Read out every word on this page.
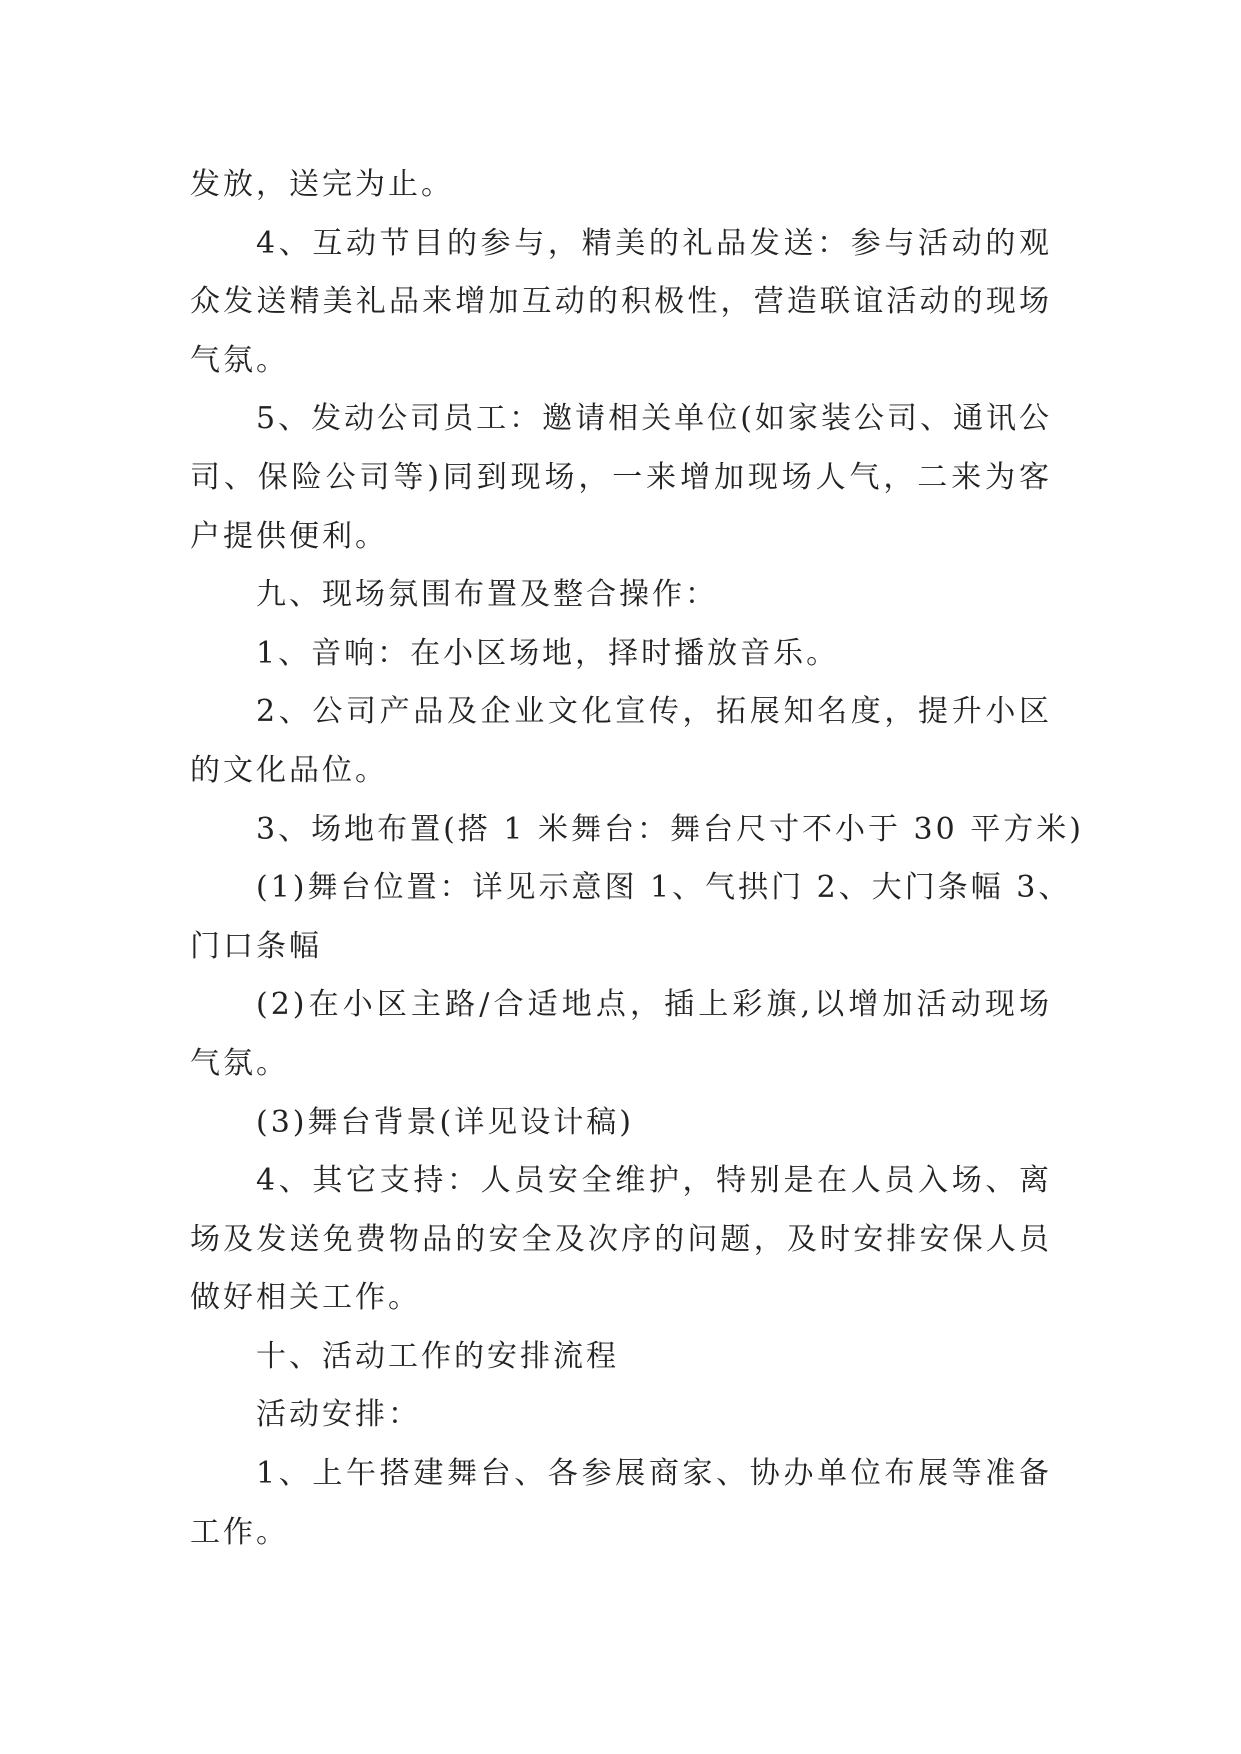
发放，送完为止。
4、互动节目的参与，精美的礼品发送：参与活动的观
众发送精美礼品来增加互动的积极性，营造联谊活动的现场
气氛。
5、发动公司员工：邀请相关单位(如家装公司、通讯公
司、保险公司等)同到现场，一来增加现场人气，二来为客
户提供便利。
九、现场氛围布置及整合操作：
1、音响：在小区场地，择时播放音乐。
2、公司产品及企业文化宣传，拓展知名度，提升小区
的文化品位。
3、场地布置(搭 1 米舞台：舞台尺寸不小于 30 平方米)
(1)舞台位置：详见示意图 1、气拱门 2、大门条幅 3、
门口条幅
(2)在小区主路/合适地点，插上彩旗,以增加活动现场
气氛。
(3)舞台背景(详见设计稿)
4、其它支持：人员安全维护，特别是在人员入场、离
场及发送免费物品的安全及次序的问题，及时安排安保人员
做好相关工作。
十、活动工作的安排流程
活动安排：
1、上午搭建舞台、各参展商家、协办单位布展等准备
工作。
